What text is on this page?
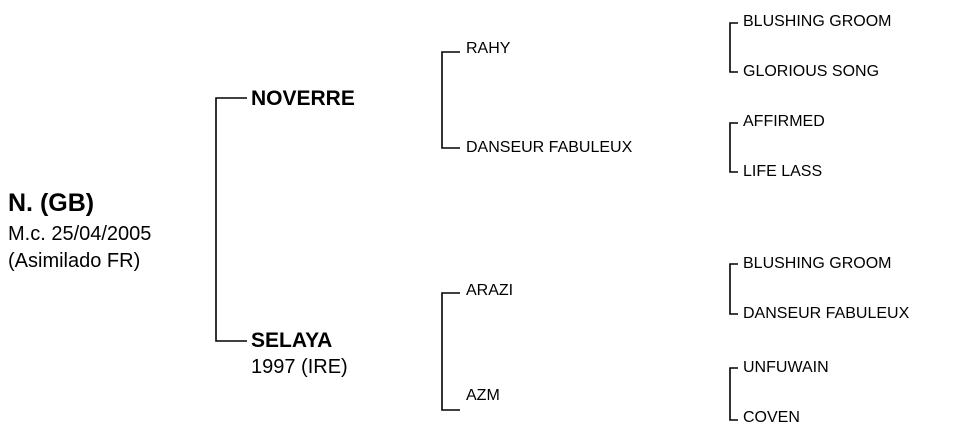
N. (GB)
M.c. 25/04/2005
(Asimilado FR)
NOVERRE
SELAYA
1997 (IRE)
RAHY
DANSEUR FABULEUX
ARAZI
AZM
BLUSHING GROOM
GLORIOUS SONG
AFFIRMED
LIFE LASS
BLUSHING GROOM
DANSEUR FABULEUX
UNFUWAIN
COVEN
